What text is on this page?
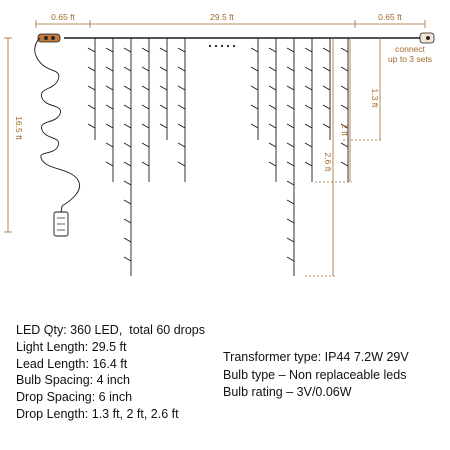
0.65 ft	29.5 ft	0.65 ft
connect
up to 3 sets
16.5 ft
1.3 ft
2 ft
2.6 ft
LED Qty: 360 LED,  total 60 drops
Light Length: 29.5 ft
Lead Length: 16.4 ft
Bulb Spacing: 4 inch
Drop Spacing: 6 inch
Drop Length: 1.3 ft, 2 ft, 2.6 ft
Transformer type: IP44 7.2W 29V
Bulb type – Non replaceable leds
Bulb rating – 3V/0.06W
